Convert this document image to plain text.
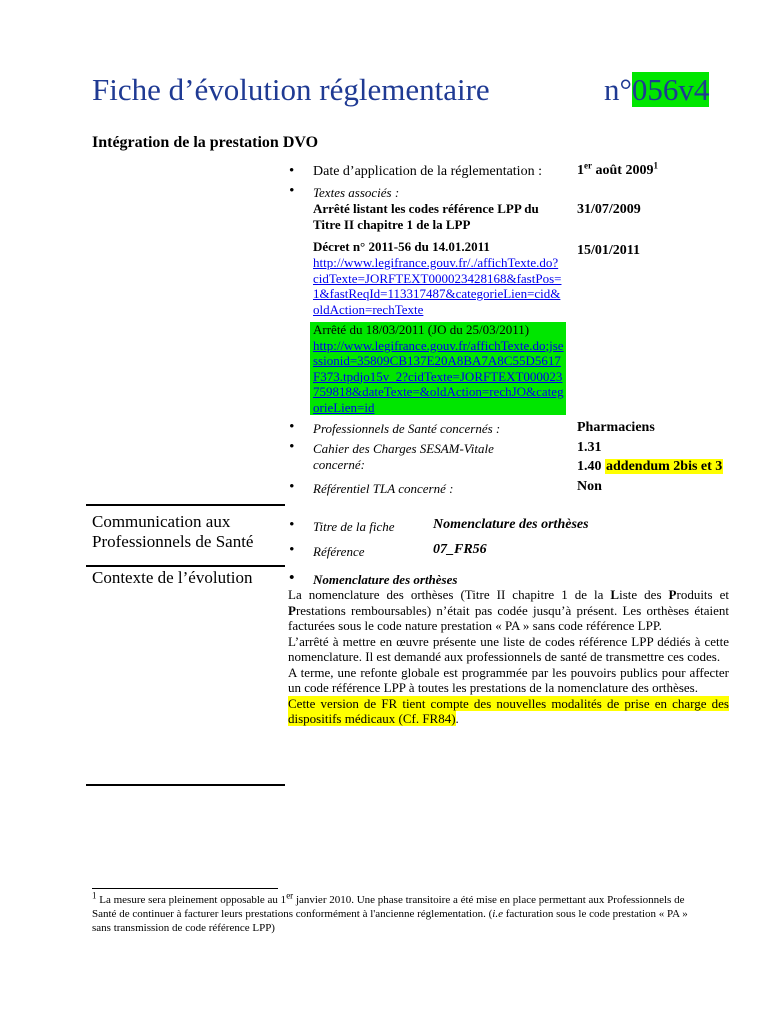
Fiche d’évolution réglementaire	n°056v4
Intégration de la prestation DVO
• Date d’application de la réglementation :	1er août 2009$^1$
• Textes associés :
Arrêté listant les codes référence LPP du Titre II chapitre 1 de la LPP
31/07/2009
Décret n° 2011-56 du 14.01.2011	15/01/2011
http://www.legifrance.gouv.fr/./affichTexte.do?cidTexte=JORFTEXT000023428168&fastPos=1&fastReqId=113317487&categorieLien=cid&oldAction=rechTexte
Arrêté du 18/03/2011 (JO du 25/03/2011)
http://www.legifrance.gouv.fr/affichTexte.do;jsessionid=35809CB137E20A8BA7A8C55D5617F373.tpdjo15v_2?cidTexte=JORFTEXT000023759818&dateTexte=&oldAction=rechJO&categorieLien=id
• Professionnels de Santé concernés :	Pharmaciens
• Cahier des Charges SESAM-Vitale concerné:
1.31
1.40 addendum 2bis et 3
• Référentiel TLA concerné :	Non
Communication aux Professionnels de Santé
• Titre de la fiche	Nomenclature des orthèses
• Référence	07_FR56
Contexte de l’évolution
•	Nomenclature des orthèses
La nomenclature des orthèses (Titre II chapitre 1 de la Liste des Produits et Prestations remboursables) n’était pas codée jusqu’à présent. Les orthèses étaient facturées sous le code nature prestation « PA » sans code référence LPP.
L’arrêté à mettre en œuvre présente une liste de codes référence LPP dédiés à cette nomenclature. Il est demandé aux professionnels de santé de transmettre ces codes.
A terme, une refonte globale est programmée par les pouvoirs publics pour affecter un code référence LPP à toutes les prestations de la nomenclature des orthèses.
Cette version de FR tient compte des nouvelles modalités de prise en charge des dispositifs médicaux (Cf. FR84).
$^1$ La mesure sera pleinement opposable au 1er janvier 2010. Une phase transitoire a été mise en place permettant aux Professionnels de Santé de continuer à facturer leurs prestations conformément à l'ancienne réglementation. (i.e facturation sous le code prestation « PA » sans transmission de code référence LPP)
